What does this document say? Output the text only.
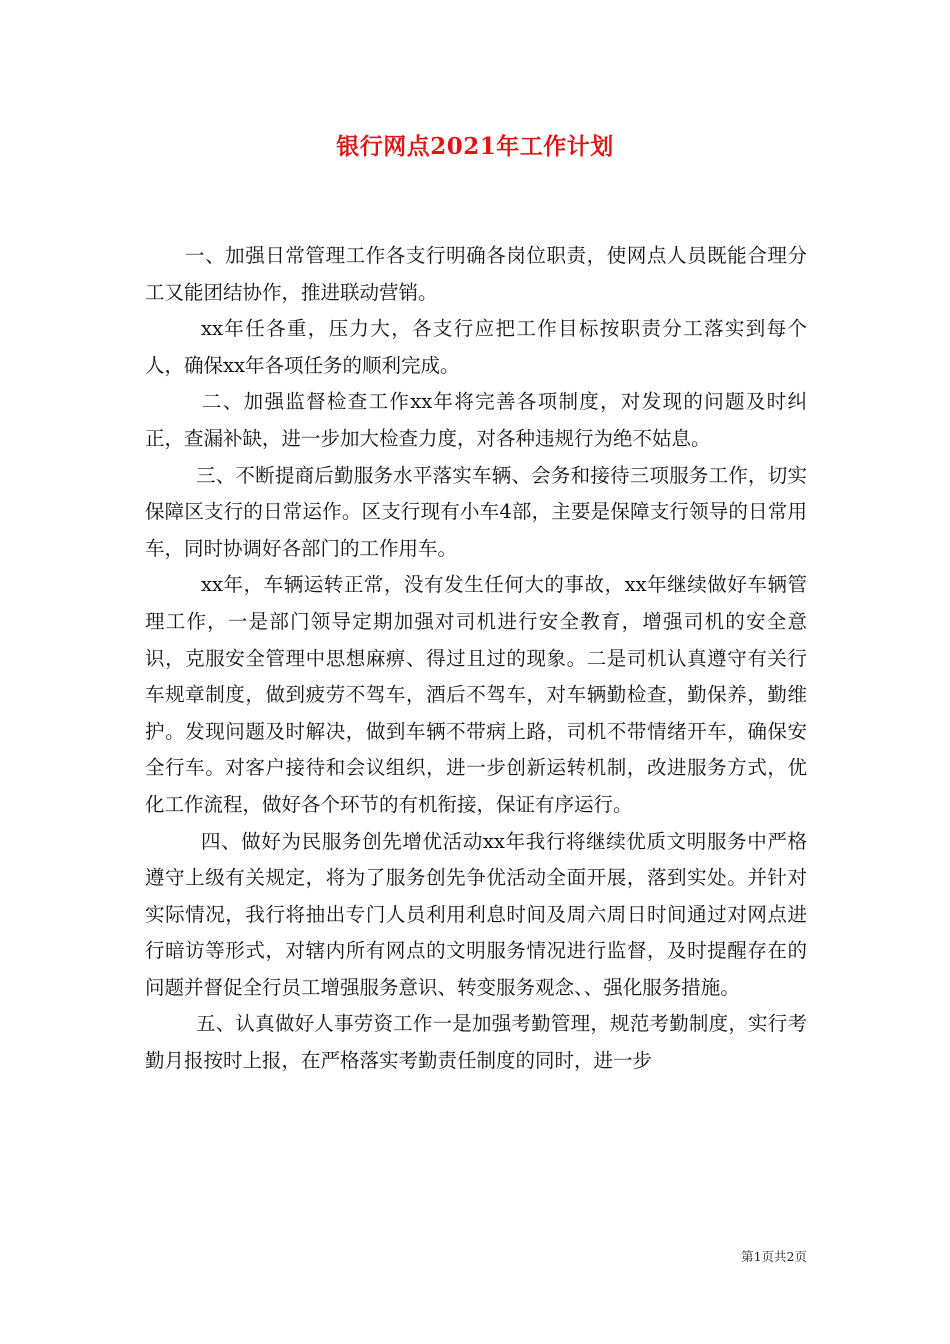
银行网点2021年工作计划

一、加强日常管理工作各支行明确各岗位职责，使网点人员既能合理分工又能团结协作，推进联动营销。

xx年任各重，压力大，各支行应把工作目标按职责分工落实到每个人，确保xx年各项任务的顺利完成。

二、加强监督检查工作xx年将完善各项制度，对发现的问题及时纠正，查漏补缺，进一步加大检查力度，对各种违规行为绝不姑息。

三、不断提商后勤服务水平落实车辆、会务和接待三项服务工作，切实保障区支行的日常运作。区支行现有小车4部，主要是保障支行领导的日常用车，同时协调好各部门的工作用车。

xx年，车辆运转正常，没有发生任何大的事故，xx年继续做好车辆管理工作，一是部门领导定期加强对司机进行安全教育，增强司机的安全意识，克服安全管理中思想麻痹、得过且过的现象。二是司机认真遵守有关行车规章制度，做到疲劳不驾车，酒后不驾车，对车辆勤检查，勤保养，勤维护。发现问题及时解决，做到车辆不带病上路，司机不带情绪开车，确保安全行车。对客户接待和会议组织，进一步创新运转机制，改进服务方式，优化工作流程，做好各个环节的有机衔接，保证有序运行。

四、做好为民服务创先增优活动xx年我行将继续优质文明服务中严格遵守上级有关规定，将为了服务创先争优活动全面开展，落到实处。并针对实际情况，我行将抽出专门人员利用利息时间及周六周日时间通过对网点进行暗访等形式，对辖内所有网点的文明服务情况进行监督，及时提醒存在的问题并督促全行员工增强服务意识、转变服务观念、、强化服务措施。

五、认真做好人事劳资工作一是加强考勤管理，规范考勤制度，实行考勤月报按时上报，在严格落实考勤责任制度的同时，进一步

第1页共2页
